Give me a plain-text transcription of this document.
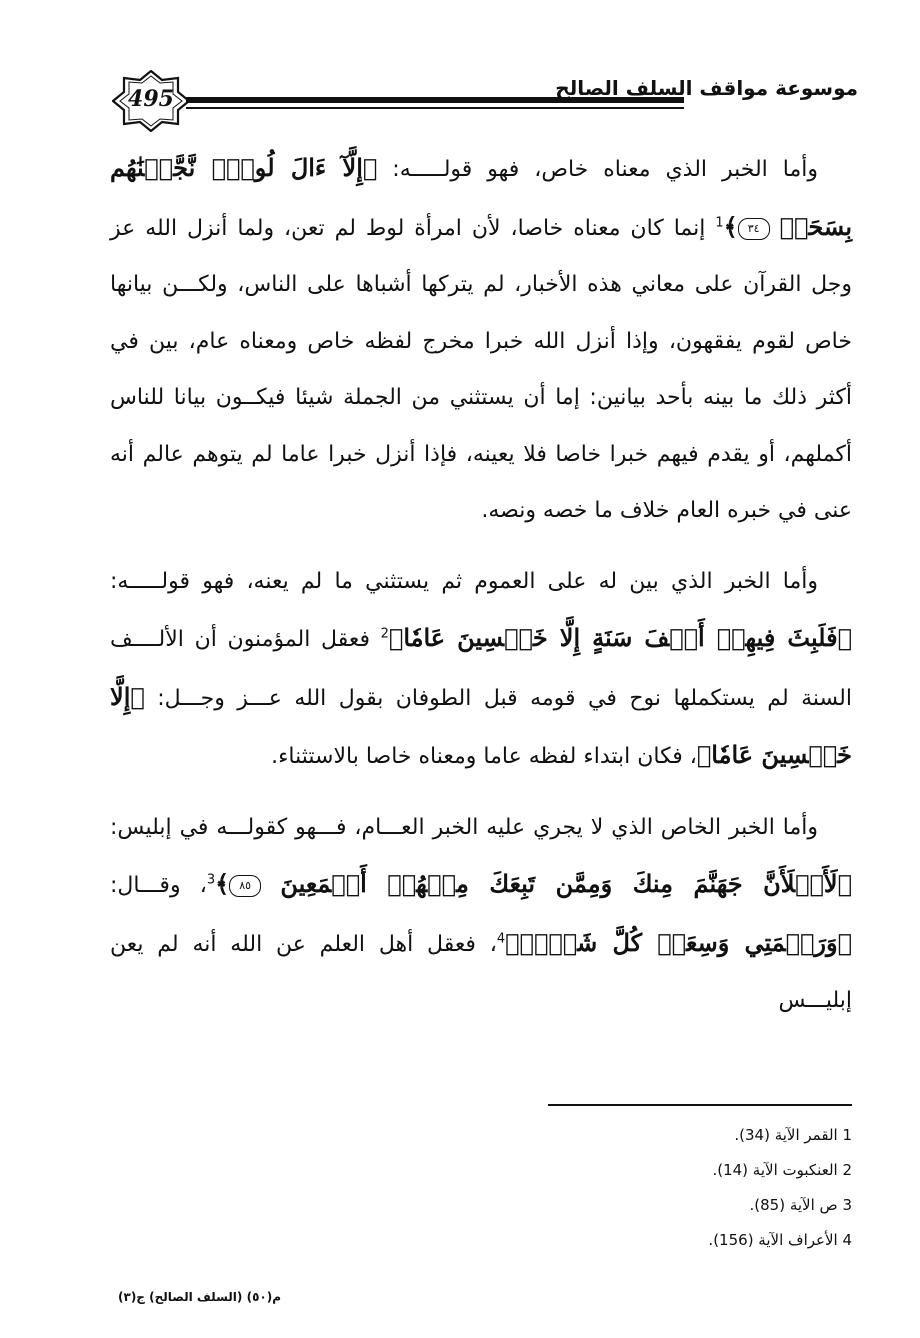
495	موسوعة مواقف السلف الصالح

وأما الخبر الذي معناه خاص، فهو قولـــــه: ﴿إِلَّآ ءَالَ لُوطٍۖ نَّجَّيۡنَٰهُم بِسَحَرٖ ٣٤﴾$^1$ إنما كان معناه خاصا، لأن امرأة لوط لم تعن، ولما أنزل الله عز وجل القرآن على معاني هذه الأخبار، لم يتركها أشباها على الناس، ولكـــن بيانها خاص لقوم يفقهون، وإذا أنزل الله خبرا مخرج لفظه خاص ومعناه عام، بين في أكثر ذلك ما بينه بأحد بيانين: إما أن يستثني من الجملة شيئا فيكــون بيانا للناس أكملهم، أو يقدم فيهم خبرا خاصا فلا يعينه، فإذا أنزل خبرا عاما لم يتوهم عالم أنه عنى في خبره العام خلاف ما خصه ونصه.

وأما الخبر الذي بين له على العموم ثم يستثني ما لم يعنه، فهو قولـــــه: ﴿فَلَبِثَ فِيهِمۡ أَلۡفَ سَنَةٍ إِلَّا خَمۡسِينَ عَامٗا﴾$^2$ فعقل المؤمنون أن الألــــف السنة لم يستكملها نوح في قومه قبل الطوفان بقول الله عـــز وجـــل: ﴿إِلَّا خَمۡسِينَ عَامٗا﴾، فكان ابتداء لفظه عاما ومعناه خاصا بالاستثناء.

وأما الخبر الخاص الذي لا يجري عليه الخبر العـــام، فـــهو كقولـــه في إبليس: ﴿لَأَمۡلَأَنَّ جَهَنَّمَ مِنكَ وَمِمَّن تَبِعَكَ مِنۡهُمۡ أَجۡمَعِينَ ٨٥﴾$^3$، وقـــال: ﴿وَرَحۡمَتِي وَسِعَتۡ كُلَّ شَيۡءٖ﴾$^4$، فعقل أهل العلم عن الله أنه لم يعن إبليـــس

1 القمر الآية (34).
2 العنكبوت الآية (14).
3 ص الآية (85).
4 الأعراف الآية (156).
م(٥٠) (السلف الصالح) ج(٣)
